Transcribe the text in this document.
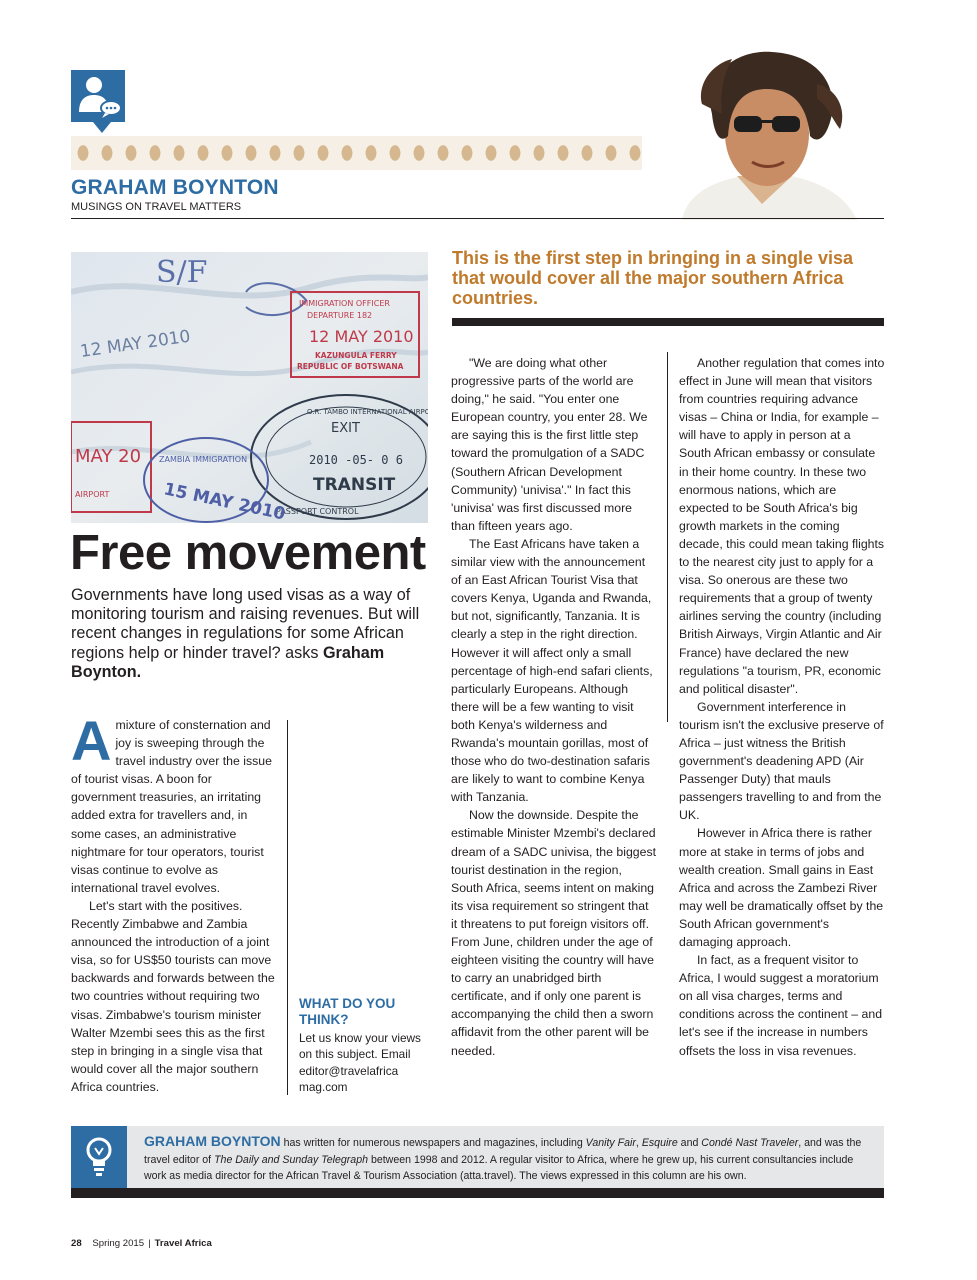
GRAHAM BOYNTON
MUSINGS ON TRAVEL MATTERS
S/F
12 MAY 2010
IMMIGRATION OFFICER
DEPARTURE 182
12 MAY 2010
KAZUNGULA FERRY
REPUBLIC OF BOTSWANA
O.R. TAMBO INTERNATIONAL AIRPORT
EXIT
2010 -05- 0 6
TRANSIT
PASSPORT CONTROL
MAY 20
AIRPORT
ZAMBIA IMMIGRATION
15 MAY 2010
Free movement
Governments have long used visas as a way of monitoring tourism and raising revenues. But will recent changes in regulations for some African regions help or hinder travel? asks Graham Boynton.
This is the first step in bringing in a single visa that would cover all the major southern Africa countries.

Amixture of consternation and joy is sweeping through the travel industry over the issue of tourist visas. A boon for government treasuries, an irritating added extra for travellers and, in some cases, an administrative nightmare for tour operators, tourist visas continue to evolve as international travel evolves.

Let's start with the positives. Recently Zimbabwe and Zambia announced the introduction of a joint visa, so for US$50 tourists can move backwards and forwards between the two countries without requiring two visas. Zimbabwe's tourism minister Walter Mzembi sees this as the first step in bringing in a single visa that would cover all the major southern Africa countries.

WHAT DO YOU THINK?
Let us know your views on this subject. Email editor@travelafrica mag.com

"We are doing what other progressive parts of the world are doing," he said. "You enter one European country, you enter 28. We are saying this is the first little step toward the promulgation of a SADC (Southern African Development Community) 'univisa'." In fact this 'univisa' was first discussed more than fifteen years ago.

The East Africans have taken a similar view with the announcement of an East African Tourist Visa that covers Kenya, Uganda and Rwanda, but not, significantly, Tanzania. It is clearly a step in the right direction. However it will affect only a small percentage of high-end safari clients, particularly Europeans. Although there will be a few wanting to visit both Kenya's wilderness and Rwanda's mountain gorillas, most of those who do two-destination safaris are likely to want to combine Kenya with Tanzania.

Now the downside. Despite the estimable Minister Mzembi's declared dream of a SADC univisa, the biggest tourist destination in the region, South Africa, seems intent on making its visa requirement so stringent that it threatens to put foreign visitors off. From June, children under the age of eighteen visiting the country will have to carry an unabridged birth certificate, and if only one parent is accompanying the child then a sworn affidavit from the other parent will be needed.

Another regulation that comes into effect in June will mean that visitors from countries requiring advance visas – China or India, for example – will have to apply in person at a South African embassy or consulate in their home country. In these two enormous nations, which are expected to be South Africa's big growth markets in the coming decade, this could mean taking flights to the nearest city just to apply for a visa. So onerous are these two requirements that a group of twenty airlines serving the country (including British Airways, Virgin Atlantic and Air France) have declared the new regulations "a tourism, PR, economic and political disaster".

Government interference in tourism isn't the exclusive preserve of Africa – just witness the British government's deadening APD (Air Passenger Duty) that mauls passengers travelling to and from the UK.

However in Africa there is rather more at stake in terms of jobs and wealth creation. Small gains in East Africa and across the Zambezi River may well be dramatically offset by the South African government's damaging approach.

In fact, as a frequent visitor to Africa, I would suggest a moratorium on all visa charges, terms and conditions across the continent – and let's see if the increase in numbers offsets the loss in visa revenues.

GRAHAM BOYNTON has written for numerous newspapers and magazines, including Vanity Fair, Esquire and Condé Nast Traveler, and was the travel editor of The Daily and Sunday Telegraph between 1998 and 2012. A regular visitor to Africa, where he grew up, his current consultancies include work as media director for the African Travel & Tourism Association (atta.travel). The views expressed in this column are his own.
28 Spring 2015 | Travel Africa
